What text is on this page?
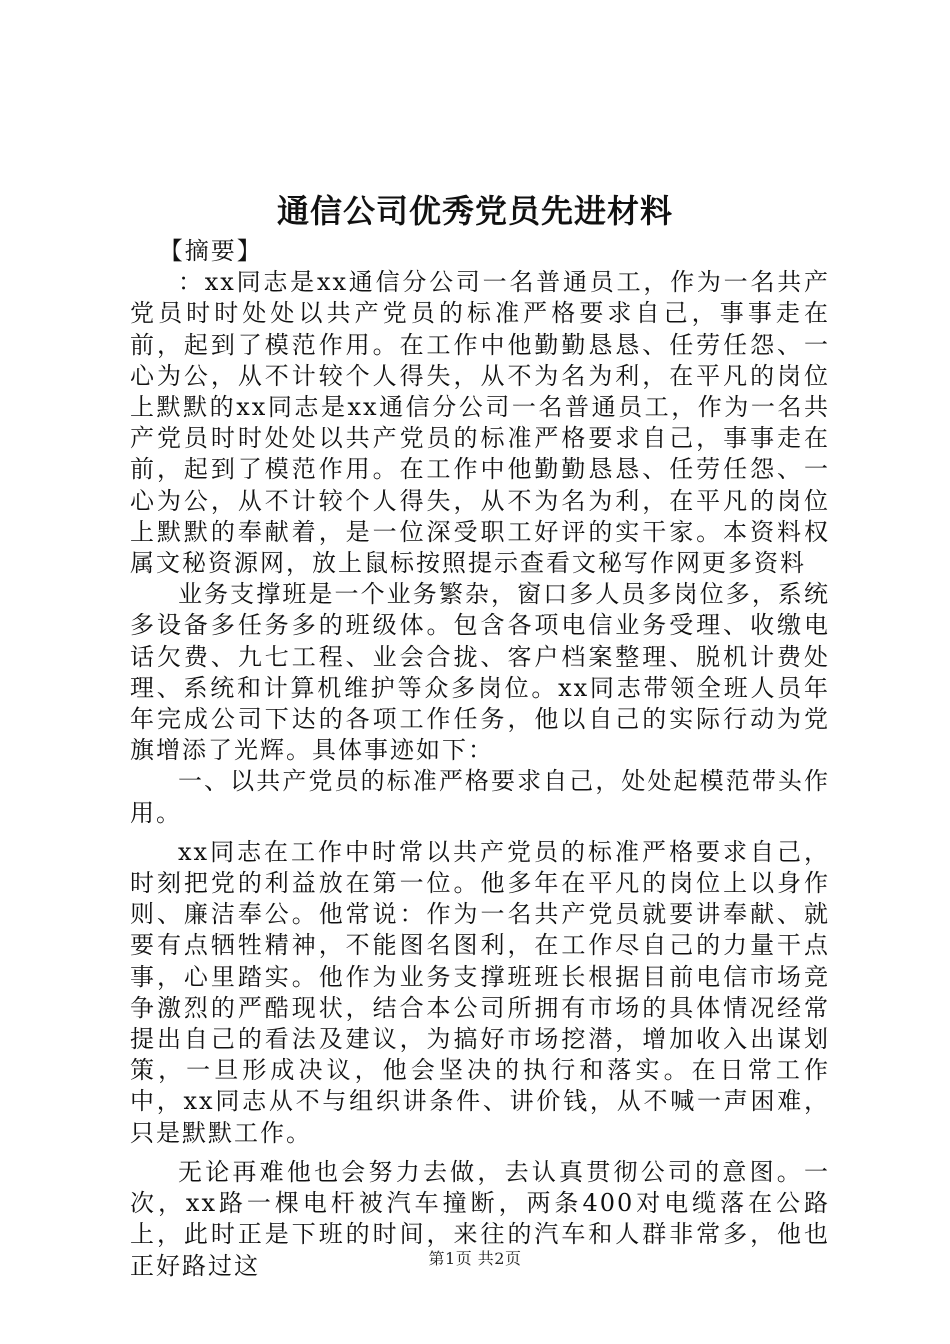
通信公司优秀党员先进材料

【摘要】

：xx同志是xx通信分公司一名普通员工，作为一名共产党员时时处处以共产党员的标准严格要求自己，事事走在前，起到了模范作用。在工作中他勤勤恳恳、任劳任怨、一心为公，从不计较个人得失，从不为名为利，在平凡的岗位上默默的xx同志是xx通信分公司一名普通员工，作为一名共产党员时时处处以共产党员的标准严格要求自己，事事走在前，起到了模范作用。在工作中他勤勤恳恳、任劳任怨、一心为公，从不计较个人得失，从不为名为利，在平凡的岗位上默默的奉献着，是一位深受职工好评的实干家。本资料权属文秘资源网，放上鼠标按照提示查看文秘写作网更多资料

业务支撑班是一个业务繁杂，窗口多人员多岗位多，系统多设备多任务多的班级体。包含各项电信业务受理、收缴电话欠费、九七工程、业会合拢、客户档案整理、脱机计费处理、系统和计算机维护等众多岗位。xx同志带领全班人员年年完成公司下达的各项工作任务，他以自己的实际行动为党旗增添了光辉。具体事迹如下：

一、以共产党员的标准严格要求自己，处处起模范带头作用。

xx同志在工作中时常以共产党员的标准严格要求自己，时刻把党的利益放在第一位。他多年在平凡的岗位上以身作则、廉洁奉公。他常说：作为一名共产党员就要讲奉献、就要有点牺牲精神，不能图名图利，在工作尽自己的力量干点事，心里踏实。他作为业务支撑班班长根据目前电信市场竞争激烈的严酷现状，结合本公司所拥有市场的具体情况经常提出自己的看法及建议，为搞好市场挖潜，增加收入出谋划策，一旦形成决议，他会坚决的执行和落实。在日常工作中，xx同志从不与组织讲条件、讲价钱，从不喊一声困难，只是默默工作。

无论再难他也会努力去做，去认真贯彻公司的意图。一次，xx路一棵电杆被汽车撞断，两条400对电缆落在公路上，此时正是下班的时间，来往的汽车和人群非常多，他也正好路过这	第1页 共2页
